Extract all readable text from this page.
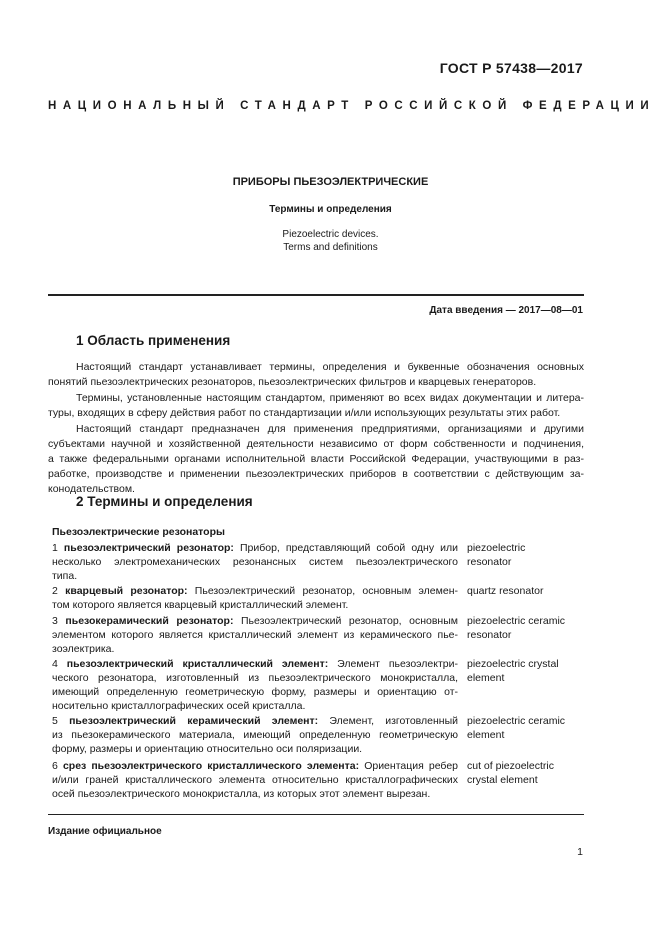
ГОСТ Р 57438—2017
НАЦИОНАЛЬНЫЙ СТАНДАРТ РОССИЙСКОЙ ФЕДЕРАЦИИ
ПРИБОРЫ ПЬЕЗОЭЛЕКТРИЧЕСКИЕ
Термины и определения
Piezoelectric devices.
Terms and definitions
Дата введения — 2017—08—01
1 Область применения
Настоящий стандарт устанавливает термины, определения и буквенные обозначения основных
понятий пьезоэлектрических резонаторов, пьезоэлектрических фильтров и кварцевых генераторов.
Термины, установленные настоящим стандартом, применяют во всех видах документации и литера-
туры, входящих в сферу действия работ по стандартизации и/или использующих результаты этих работ.
Настоящий стандарт предназначен для применения предприятиями, организациями и другими
субъектами научной и хозяйственной деятельности независимо от форм собственности и подчинения,
а также федеральными органами исполнительной власти Российской Федерации, участвующими в раз-
работке, производстве и применении пьезоэлектрических приборов в соответствии с действующим за-
конодательством.
2 Термины и определения
Пьезоэлектрические резонаторы
1 пьезоэлектрический резонатор: Прибор, представляющий собой одну или
несколько электромеханических резонансных систем пьезоэлектрического
типа.
piezoelectric
resonator
2 кварцевый резонатор: Пьезоэлектрический резонатор, основным элемен-
том которого является кварцевый кристаллический элемент.
quartz resonator
3 пьезокерамический резонатор: Пьезоэлектрический резонатор, основным
элементом которого является кристаллический элемент из керамического пье-
зоэлектрика.
piezoelectric ceramic
resonator
4 пьезоэлектрический кристаллический элемент: Элемент пьезоэлектри-
ческого резонатора, изготовленный из пьезоэлектрического монокристалла,
имеющий определенную геометрическую форму, размеры и ориентацию от-
носительно кристаллографических осей кристалла.
piezoelectric crystal
element
5 пьезоэлектрический керамический элемент: Элемент, изготовленный
из пьезокерамического материала, имеющий определенную геометрическую
форму, размеры и ориентацию относительно оси поляризации.
piezoelectric ceramic
element
6 срез пьезоэлектрического кристаллического элемента: Ориентация ребер
и/или граней кристаллического элемента относительно кристаллографических
осей пьезоэлектрического монокристалла, из которых этот элемент вырезан.
cut of piezoelectric
crystal element
Издание официальное
1
